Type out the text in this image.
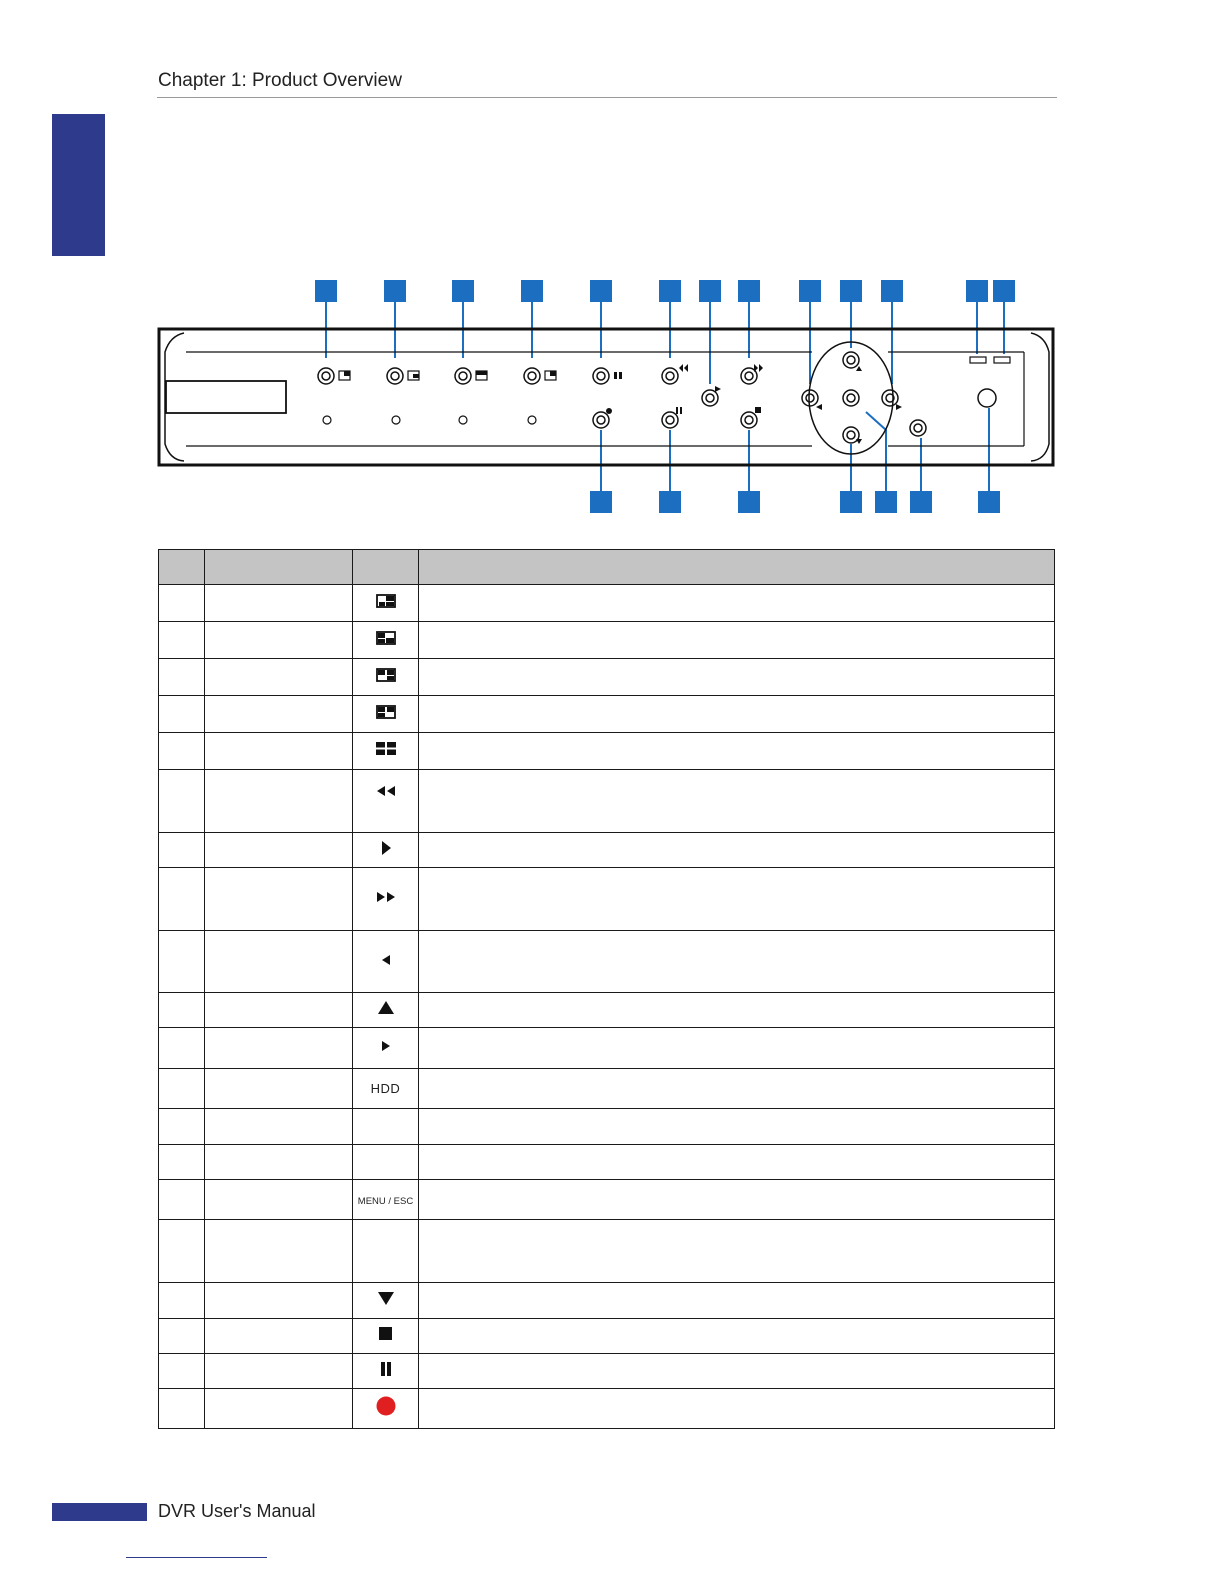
Chapter 1: Product Overview

		HDD	

		MENU / ESC	

DVR User's Manual
